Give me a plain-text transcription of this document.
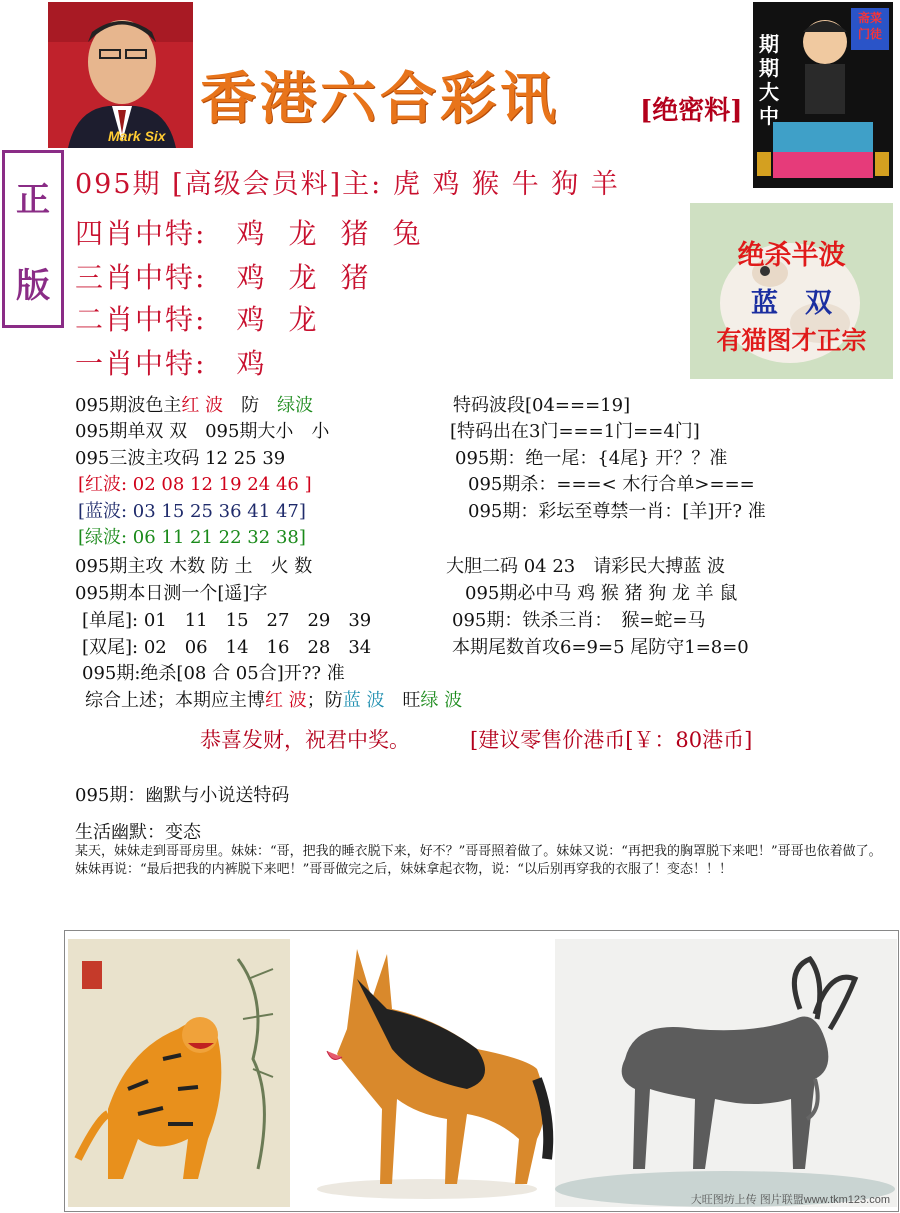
Mark Six
香港六合彩讯	[绝密料]
期期大中
斋菜门徒
正
版
095期 [高级会员料]主: 虎 鸡 猴 牛 狗 羊
四肖中特: 鸡 龙 猪 兔
三肖中特: 鸡 龙 猪
二肖中特: 鸡 龙
一肖中特: 鸡
绝杀半波
蓝　双
有猫图才正宗
095期波色主红 波　防　绿波
095期单双 双　095期大小　小
095三波主攻码 12 25 39
[红波: 02 08 12 19 24 46 ]
[蓝波: 03 15 25 36 41 47]
[绿波: 06 11 21 22 32 38]
095期主攻 木数 防 土　火 数
095期本日测一个[遥]字
[单尾]: 01　11　15　27　29　39
[双尾]: 02　06　14　16　28　34
095期:绝杀[08 合 05合]开?? 准
综合上述；本期应主博红 波；防蓝 波　旺绿 波
特码波段[04===19]
[特码出在3门===1门==4门]
095期：绝一尾：{4尾} 开？？准
095期杀：===< 木行合单>===
095期：彩坛至尊禁一肖：[羊]开? 准
大胆二码 04 23　请彩民大搏蓝 波
095期必中马 鸡 猴 猪 狗 龙 羊 鼠
095期：铁杀三肖：　猴=蛇=马
本期尾数首攻6=9=5 尾防守1=8=0
恭喜发财，祝君中奖。	[建议零售价港币[￥：80港币]
095期：幽默与小说送特码
生活幽默：变态
某天，妹妹走到哥哥房里。妹妹：“哥，把我的睡衣脱下来，好不？”哥哥照着做了。妹妹又说：“再把我的胸罩脱下来吧！”哥哥也依着做了。妹妹再说：“最后把我的内裤脱下来吧！”哥哥做完之后，妹妹拿起衣物，说：“以后别再穿我的衣服了！变态！！！
大旺图坊上传 图片联盟www.tkm123.com
